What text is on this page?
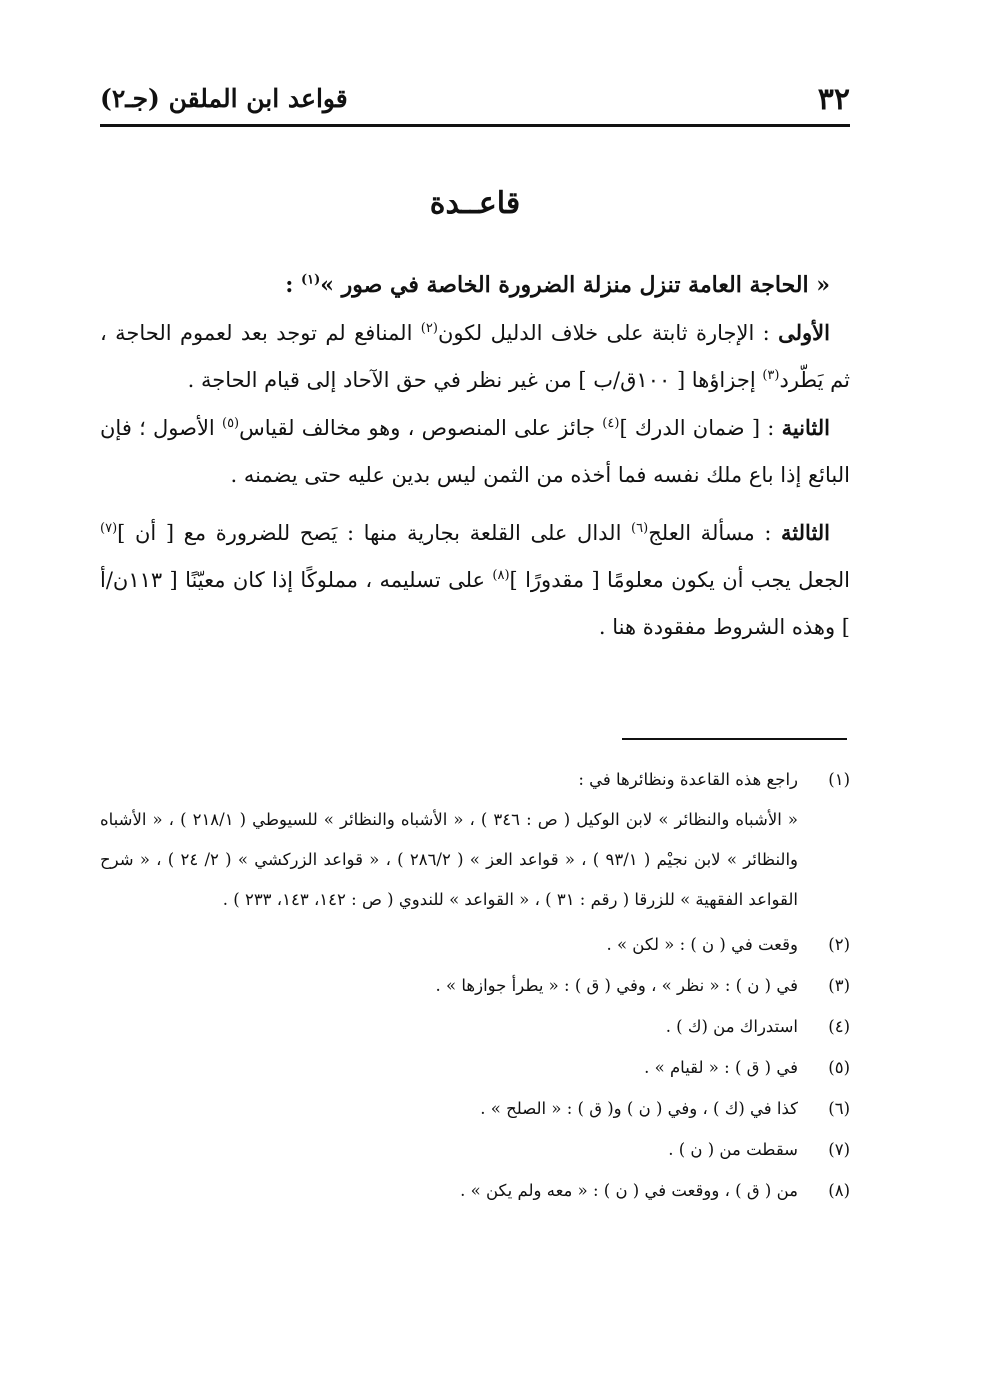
٣٢
قواعد ابن الملقن (جـ٢)
قاعــدة

« الحاجة العامة تنزل منزلة الضرورة الخاصة في صور »$^{(١)}$ :

الأولى : الإجارة ثابتة على خلاف الدليل لكون$^{(٢)}$ المنافع لم توجد بعد لعموم الحاجة ، ثم يَطّرد$^{(٣)}$ إجزاؤها [ ١٠٠ق/ب ] من غير نظر في حق الآحاد إلى قيام الحاجة .

الثانية : [ ضمان الدرك ]$^{(٤)}$ جائز على المنصوص ، وهو مخالف لقياس$^{(٥)}$ الأصول ؛ فإن البائع إذا باع ملك نفسه فما أخذه من الثمن ليس بدين عليه حتى يضمنه .

الثالثة : مسألة العلج$^{(٦)}$ الدال على القلعة بجارية منها : يَصح للضرورة مع [ أن ]$^{(٧)}$ الجعل يجب أن يكون معلومًا [ مقدورًا ]$^{(٨)}$ على تسليمه ، مملوكًا إذا كان معيّنًا [ ١١٣ن/أ ] وهذه الشروط مفقودة هنا .

(١)
راجع هذه القاعدة ونظائرها في :
« الأشباه والنظائر » لابن الوكيل ( ص : ٣٤٦ ) ، « الأشباه والنظائر » للسيوطي ( ٢١٨/١ ) ، « الأشباه والنظائر » لابن نجيْم ( ٩٣/١ ) ، « قواعد العز » ( ٢٨٦/٢ ) ، « قواعد الزركشي » ( ٢/ ٢٤ ) ، « شرح القواعد الفقهية » للزرقا ( رقم : ٣١ ) ، « القواعد » للندوي ( ص : ١٤٢، ١٤٣، ٢٣٣ ) .
(٢)
وقعت في ( ن ) : « لكن » .
(٣)
في ( ن ) : « نظر » ، وفي ( ق ) : « يطرأ جوازها » .
(٤)
استدراك من (ك ) .
(٥)
في ( ق ) : « لقيام » .
(٦)
كذا في (ك ) ، وفي ( ن ) و( ق ) : « الصلح » .
(٧)
سقطت من ( ن ) .
(٨)
من ( ق ) ، ووقعت في ( ن ) : « معه ولم يكن » .
